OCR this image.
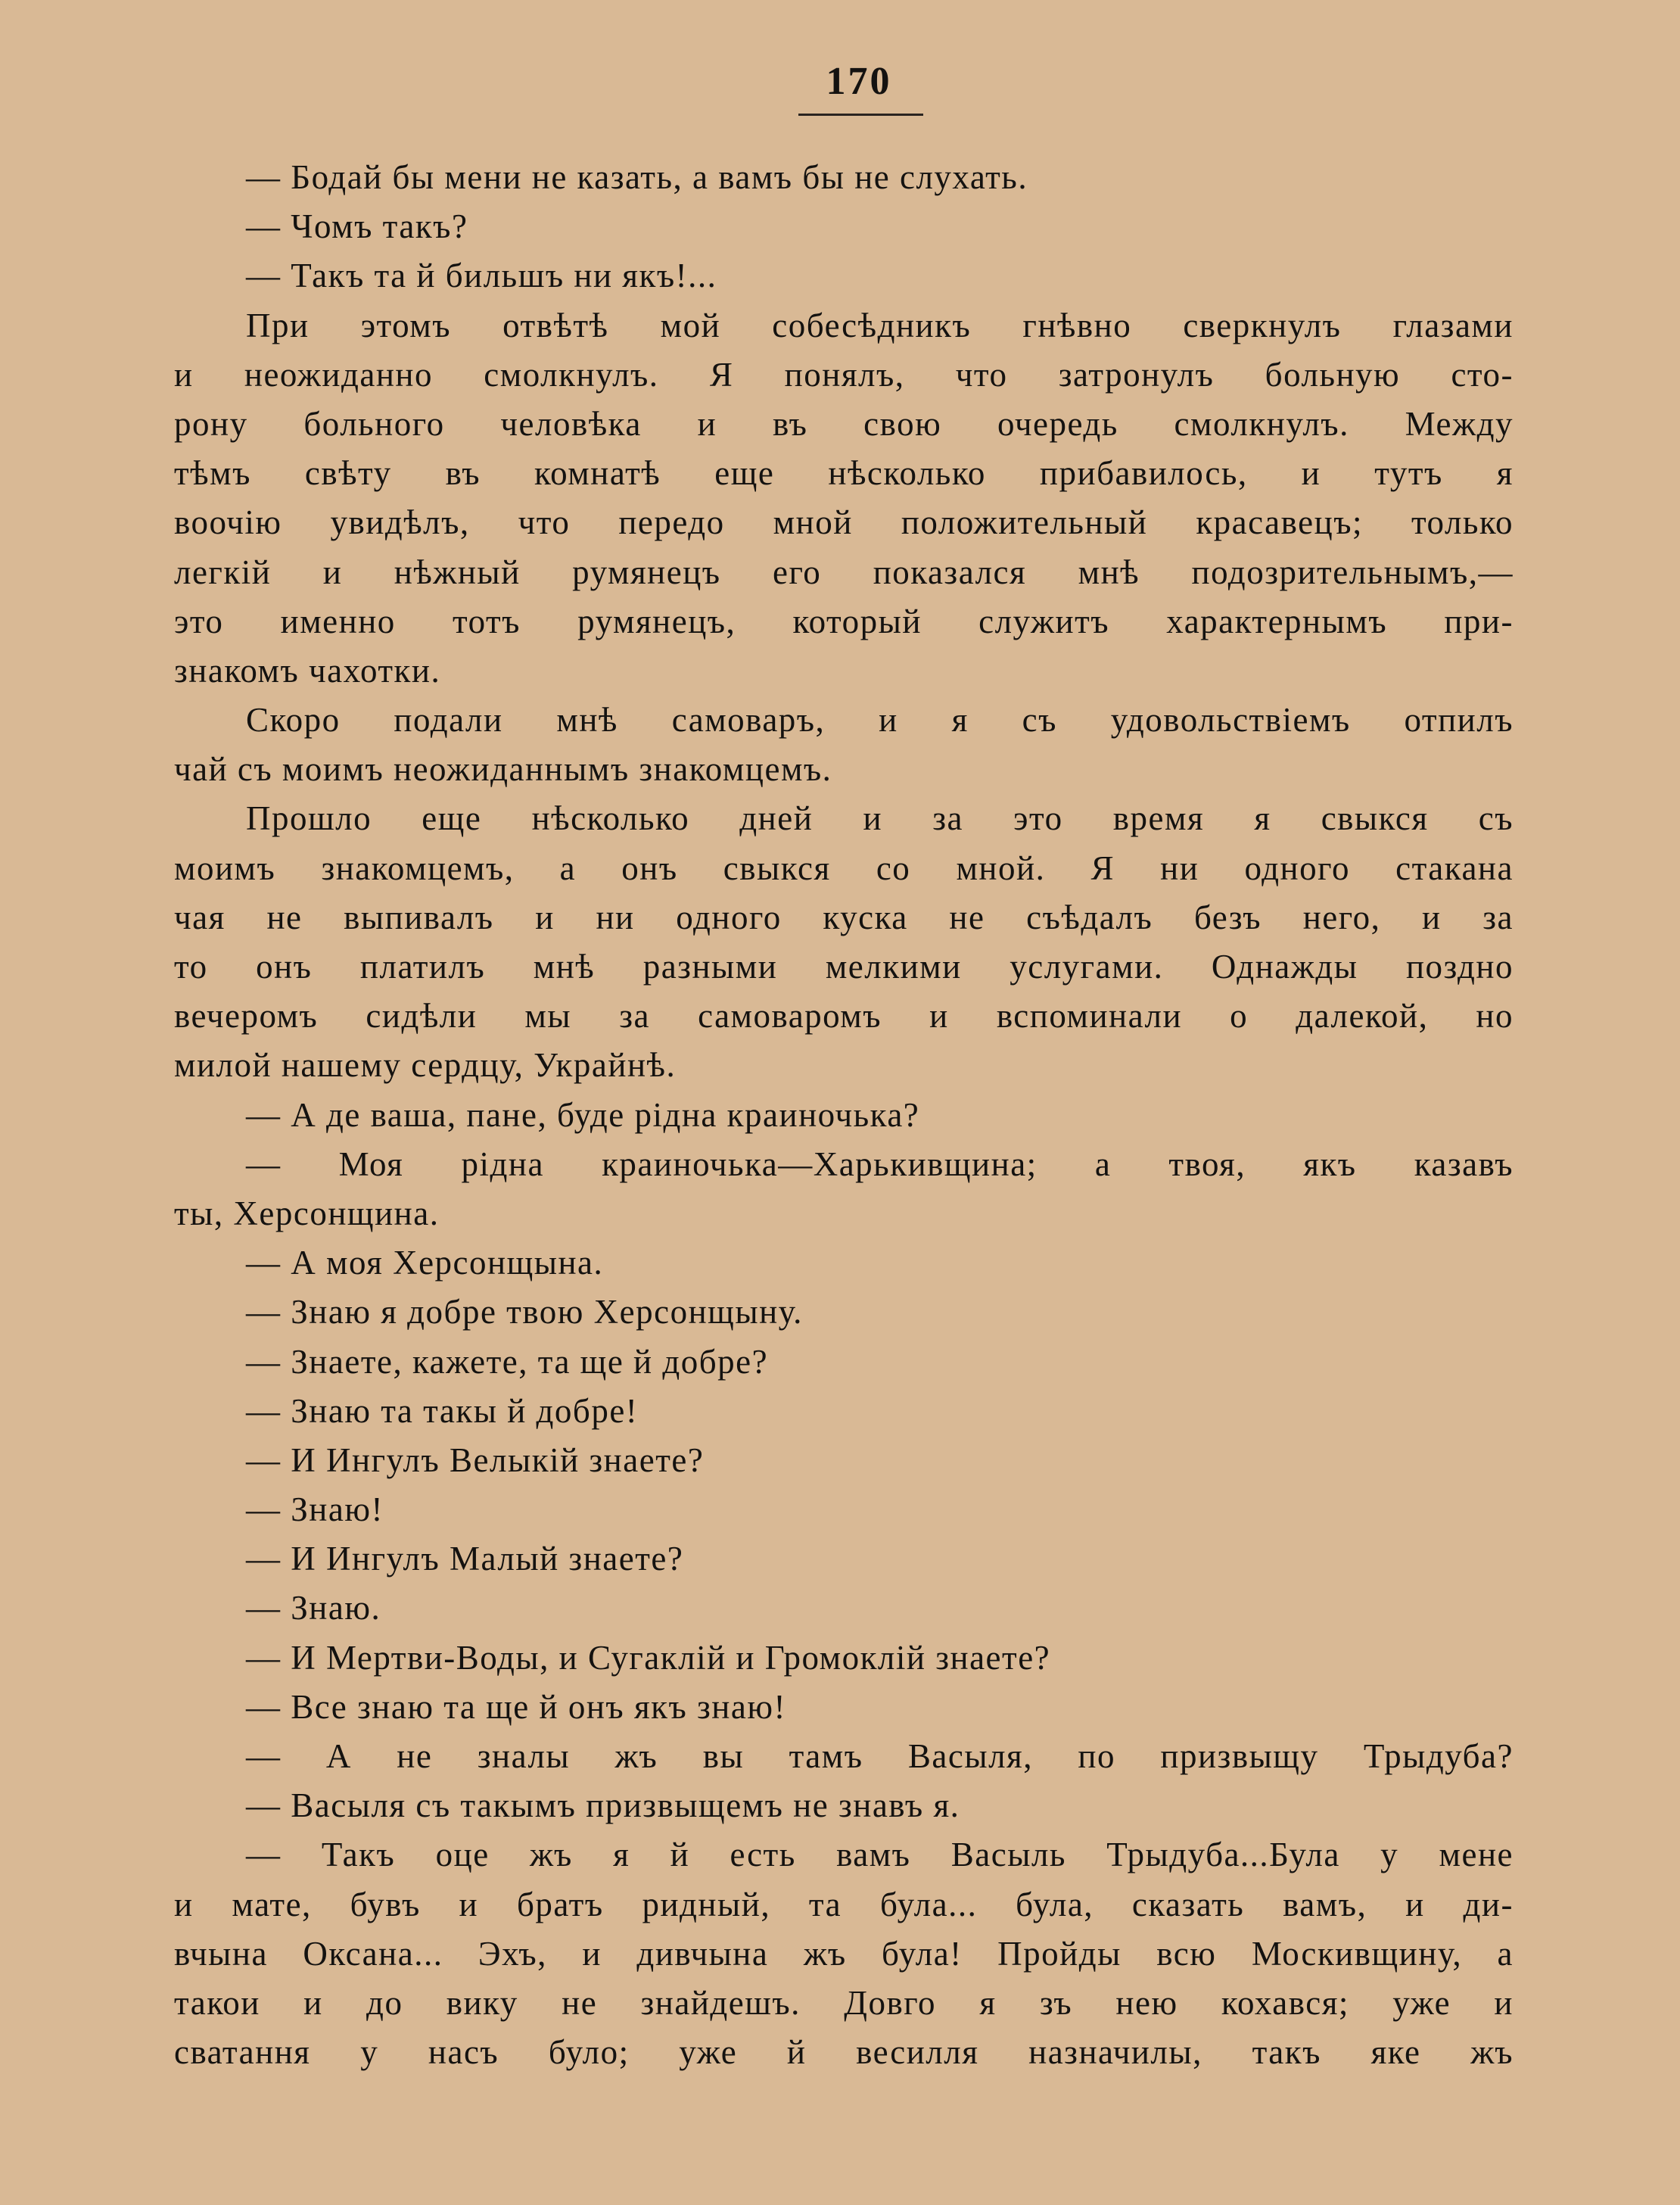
170
— Бодай бы мени не казать, а вамъ бы не слухать.
— Чомъ такъ?
— Такъ та й бильшъ ни якъ!...
При этомъ отвѣтѣ мой собесѣдникъ гнѣвно сверкнулъ глазами
и неожиданно смолкнулъ. Я понялъ, что затронулъ больную сто-
рону больного человѣка и въ свою очередь смолкнулъ. Между
тѣмъ свѣту въ комнатѣ еще нѣсколько прибавилось, и тутъ я
воочію увидѣлъ, что передо мной положительный красавецъ; только
легкій и нѣжный румянецъ его показался мнѣ подозрительнымъ,—
это именно тотъ румянецъ, который служитъ характернымъ при-
знакомъ чахотки.
Скоро подали мнѣ самоваръ, и я съ удовольствіемъ отпилъ
чай съ моимъ неожиданнымъ знакомцемъ.
Прошло еще нѣсколько дней и за это время я свыкся съ
моимъ знакомцемъ, а онъ свыкся со мной. Я ни одного стакана
чая не выпивалъ и ни одного куска не съѣдалъ безъ него, и за
то онъ платилъ мнѣ разными мелкими услугами. Однажды поздно
вечеромъ сидѣли мы за самоваромъ и вспоминали о далекой, но
милой нашему сердцу, Украйнѣ.
— А де ваша, пане, буде рідна краиночька?
— Моя рідна краиночька—Харькивщина; а твоя, якъ казавъ
ты, Херсонщина.
— А моя Херсонщына.
— Знаю я добре твою Херсонщыну.
— Знаете, кажете, та ще й добре?
— Знаю та такы й добре!
— И Ингулъ Велыкій знаете?
— Знаю!
— И Ингулъ Малый знаете?
— Знаю.
— И Мертви-Воды, и Сугаклій и Громоклій знаете?
— Все знаю та ще й онъ якъ знаю!
— А не зналы жъ вы тамъ Васыля, по призвыщу Трыдуба?
— Васыля съ такымъ призвыщемъ не знавъ я.
— Такъ оце жъ я й есть вамъ Васыль Трыдуба...Була у мене
и мате, бувъ и братъ ридный, та була... була, сказать вамъ, и ди-
вчына Оксана... Эхъ, и дивчына жъ була! Пройды всю Москивщину, а
такои и до вику не знайдешъ. Довго я зъ нею кохався; уже и
сватання у насъ було; уже й весилля назначилы, такъ яке жъ
